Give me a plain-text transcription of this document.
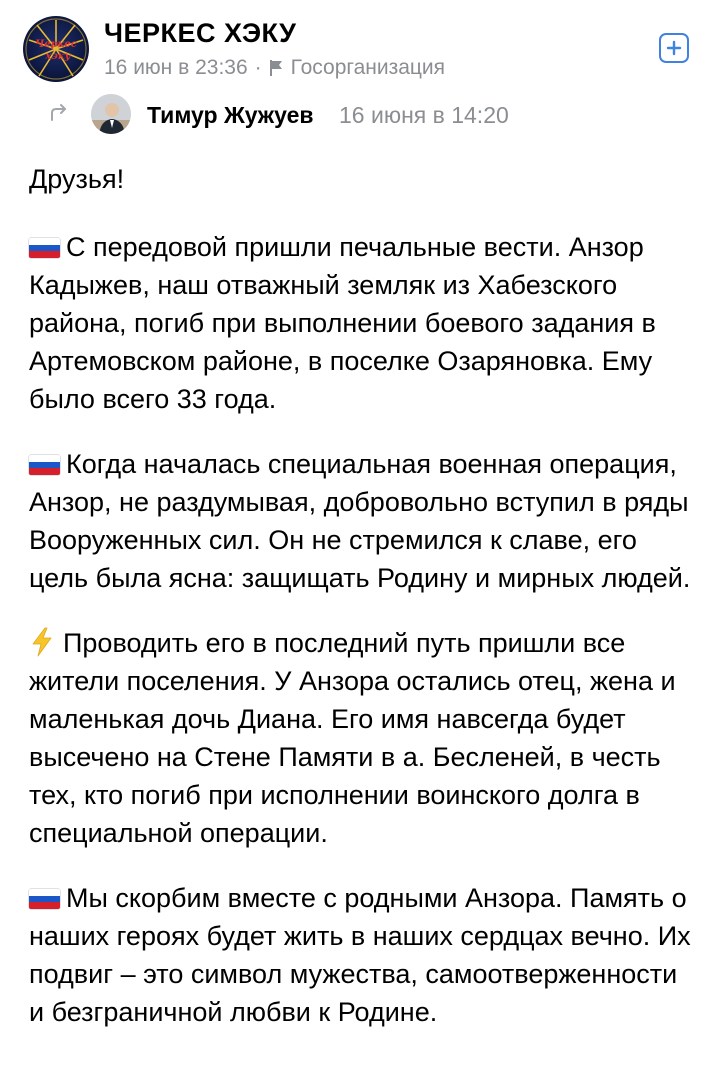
Черкес
хэку
ЧЕРКЕС ХЭКУ
16 июн в 23:36 · Госорганизация
Тимур Жужуев 16 июня в 14:20

Друзья!

С передовой пришли печальные вести. Анзор Кадыжев, наш отважный земляк из Хабезского района, погиб при выполнении боевого задания в Артемовском районе, в поселке Озаряновка. Ему было всего 33 года.

Когда началась специальная военная операция, Анзор, не раздумывая, добровольно вступил в ряды Вооруженных сил. Он не стремился к славе, его цель была ясна: защищать Родину и мирных людей.

Проводить его в последний путь пришли все жители поселения. У Анзора остались отец, жена и маленькая дочь Диана. Его имя навсегда будет высечено на Стене Памяти в а. Бесленей, в честь тех, кто погиб при исполнении воинского долга в специальной операции.

Мы скорбим вместе с родными Анзора. Память о наших героях будет жить в наших сердцах вечно. Их подвиг – это символ мужества, самоотверженности и безграничной любви к Родине.
